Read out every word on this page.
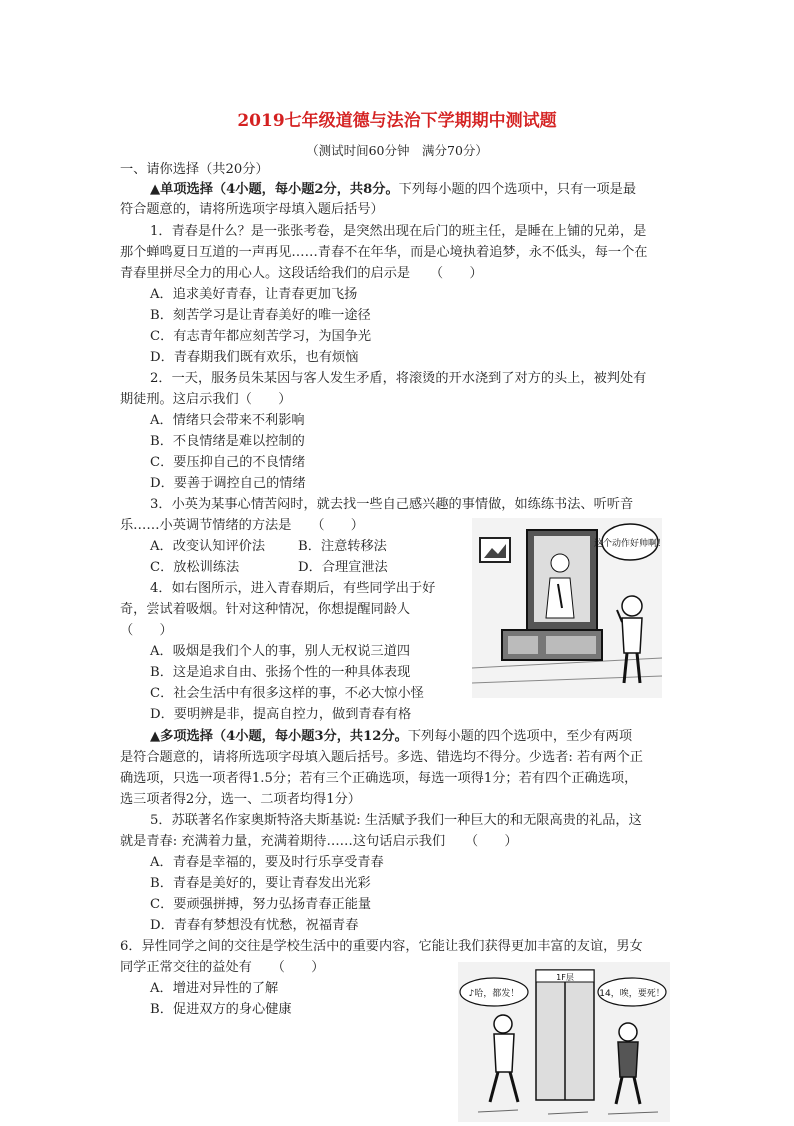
2019七年级道德与法治下学期期中测试题
（测试时间60分钟　满分70分）
一、请你选择（共20分）
▲单项选择（4小题，每小题2分，共8分。下列每小题的四个选项中，只有一项是最
符合题意的，请将所选项字母填入题后括号）
1．青春是什么？是一张张考卷，是突然出现在后门的班主任，是睡在上铺的兄弟，是
那个蝉鸣夏日互道的一声再见……青春不在年华，而是心境执着追梦，永不低头，每一个在
青春里拼尽全力的用心人。这段话给我们的启示是　　（　　）
A．追求美好青春，让青春更加飞扬
B．刻苦学习是让青春美好的唯一途径
C．有志青年都应刻苦学习，为国争光
D．青春期我们既有欢乐，也有烦恼
2．一天，服务员朱某因与客人发生矛盾，将滚烫的开水浇到了对方的头上，被判处有
期徒刑。这启示我们（　　）
A．情绪只会带来不利影响
B．不良情绪是难以控制的
C．要压抑自己的不良情绪
D．要善于调控自己的情绪
3．小英为某事心情苦闷时，就去找一些自己感兴趣的事情做，如练练书法、听听音
乐……小英调节情绪的方法是　　（　　）
A．改变认知评价法 B．注意转移法
C．放松训练法	D．合理宣泄法
4．如右图所示，进入青春期后，有些同学出于好
奇，尝试着吸烟。针对这种情况，你想提醒同龄人
（　　）
A．吸烟是我们个人的事，别人无权说三道四
B．这是追求自由、张扬个性的一种具体表现
C．社会生活中有很多这样的事，不必大惊小怪
D．要明辨是非，提高自控力，做到青春有格
这个动作好帅啊！
▲多项选择（4小题，每小题3分，共12分。下列每小题的四个选项中，至少有两项
是符合题意的，请将所选项字母填入题后括号。多选、错选均不得分。少选者: 若有两个正
确选项，只选一项者得1.5分；若有三个正确选项，每选一项得1分；若有四个正确选项，
选三项者得2分，选一、二项者均得1分）
5．苏联著名作家奥斯特洛夫斯基说: 生活赋予我们一种巨大的和无限高贵的礼品，这
就是青春: 充满着力量，充满着期待……这句话启示我们　　（　　）
A．青春是幸福的，要及时行乐享受青春
B．青春是美好的，要让青春发出光彩
C．要顽强拼搏，努力弘扬青春正能量
D．青春有梦想没有忧愁，祝福青春
6．异性同学之间的交往是学校生活中的重要内容，它能让我们获得更加丰富的友谊，男女
同学正常交往的益处有　　（　　）
A．增进对异性的了解
B．促进双方的身心健康
1F层
♪哈，都发！	14，唉，要死！
